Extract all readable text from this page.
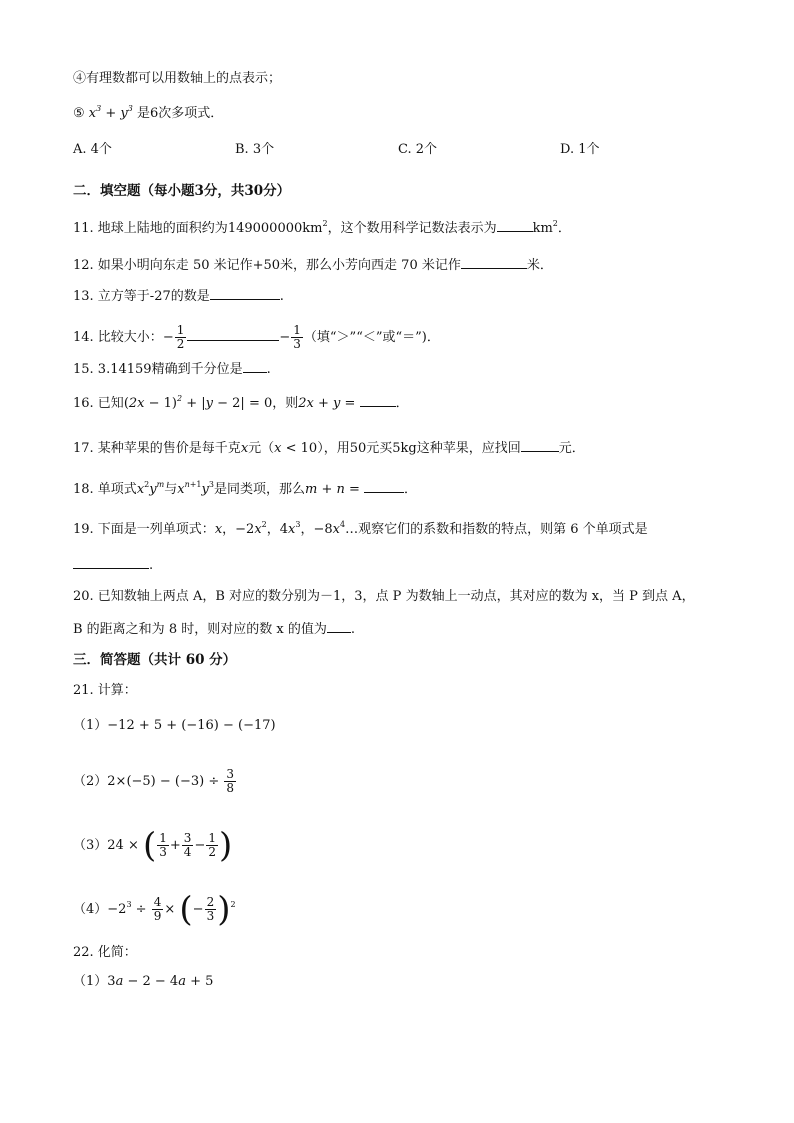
④有理数都可以用数轴上的点表示；
⑤ $x^3 + y^3$ 是6次多项式．
A. 4个	B. 3个	C. 2个	D. 1个
二．填空题（每小题3分，共30分）
11. 地球上陆地的面积约为$149000000km^2$，这个数用科学记数法表示为	$km^2$．
12. 如果小明向东走 50 米记作+50米，那么小芳向西走 70 米记作	米．
13. 立方等于-27的数是	.
14. 比较大小：− $\frac{1}{2}$	− $\frac{1}{3}$ （填“＞”“＜”或“＝”)．
15. 3.14159精确到千分位是 .
16. 已知$(2x - 1)^2 + |y - 2| = 0$，则2x + y =	．
17. 某种苹果的售价是每千克x元（x < 10），用50元买5kg这种苹果，应找回	元．
18. 单项式$x^2y^m$与$x^{n+1}y^3$是同类项，那么m + n =	．
19. 下面是一列单项式：x，$-2x^2$，$4x^3$，$-8x^4\dots$观察它们的系数和指数的特点，则第 6 个单项式是
.
20. 已知数轴上两点 A，B 对应的数分别为－1，3，点 P 为数轴上一动点，其对应的数为 x，当 P 到点 A，
B 的距离之和为 8 时，则对应的数 x 的值为 .
三．简答题（共计 60 分）
21. 计算：
（1）−12 + 5 + (−16) − (−17)
$(2)2\times(-5) - (-3) \div \frac{3}{8}$
（3）24 × ( $\frac{1}{3} + \frac{3}{4} - \frac{1}{2}$ )
$(4)-2^3 \div \frac{4}{9}$ × (− $\frac{2}{3} )^2$
22. 化简：
（1）3a − 2 − 4a + 5
